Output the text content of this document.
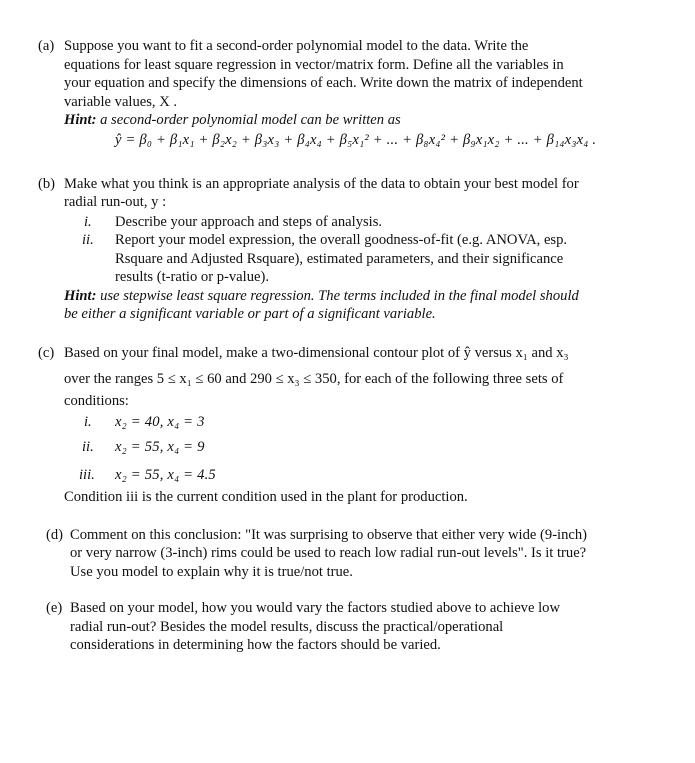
(a) Suppose you want to fit a second-order polynomial model to the data. Write the
equations for least square regression in vector/matrix form. Define all the variables in
your equation and specify the dimensions of each. Write down the matrix of independent
variable values, X .
Hint: a second-order polynomial model can be written as
ŷ = β₀ + β₁x₁ + β₂x₂ + β₃x₃ + β₄x₄ + β₅x₁² + ... + β₈x₄² + β₉x₁x₂ + ... + β₁₄x₃x₄ .
(b) Make what you think is an appropriate analysis of the data to obtain your best model for
radial run-out, y :
i. Describe your approach and steps of analysis.
ii. Report your model expression, the overall goodness-of-fit (e.g. ANOVA, esp.
Rsquare and Adjusted Rsquare), estimated parameters, and their significance
results (t-ratio or p-value).
Hint: use stepwise least square regression. The terms included in the final model should
be either a significant variable or part of a significant variable.
(c) Based on your final model, make a two-dimensional contour plot of ŷ versus x₁ and x₃
over the ranges 5 ≤ x₁ ≤ 60 and 290 ≤ x₃ ≤ 350, for each of the following three sets of
conditions:
i. x₂ = 40, x₄ = 3
ii. x₂ = 55, x₄ = 9
iii. x₂ = 55, x₄ = 4.5
Condition iii is the current condition used in the plant for production.
(d) Comment on this conclusion: "It was surprising to observe that either very wide (9-inch)
or very narrow (3-inch) rims could be used to reach low radial run-out levels". Is it true?
Use you model to explain why it is true/not true.
(e) Based on your model, how you would vary the factors studied above to achieve low
radial run-out? Besides the model results, discuss the practical/operational
considerations in determining how the factors should be varied.
